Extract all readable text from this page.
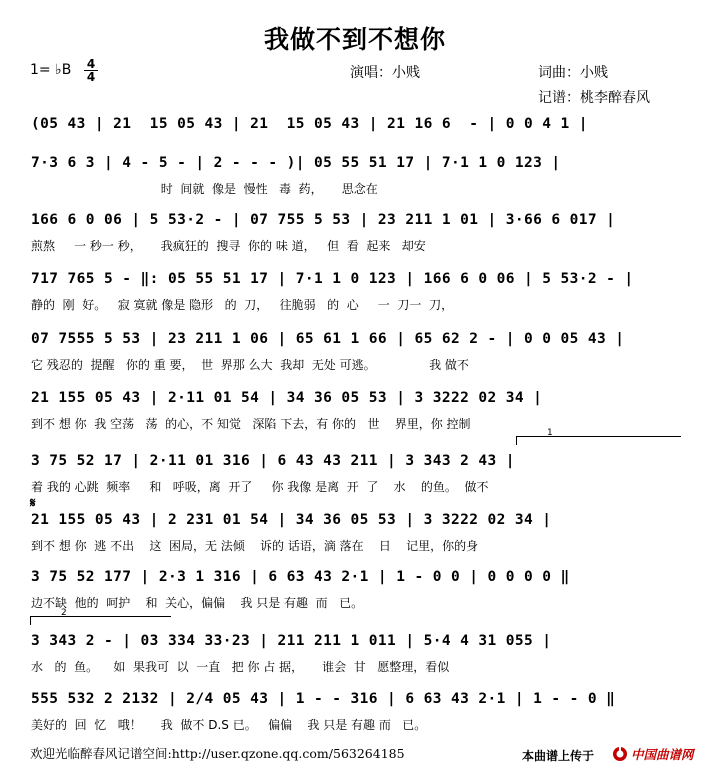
我做不到不想你
1= ♭B 4
4	演唱：小贱	词曲：小贱
记谱：桃李醉春风
(05 43 | 21  15 05 43 | 21  15 05 43 | 21 16 6  - | 0 0 4 1 |
7·3 6 3 | 4 - 5 - | 2 - - - )| 05 55 51 17 | 7·1 1 0 123 |
时  间就  像是  慢性   毒  药，     思念在
166 6 0 06 | 5 53·2 - | 07 755 5 53 | 23 211 1 01 | 3·66 6 017 |
煎熬     一 秒一 秒，     我疯狂的  搜寻  你的 味 道，   但  看  起来   却安
717 765 5 - ‖: 05 55 51 17 | 7·1 1 0 123 | 166 6 0 06 | 5 53·2 - |
静的  刚  好。   寂 寞就 像是 隐形   的  刀，   往脆弱   的  心     一  刀一  刀，
07 7555 5 53 | 23 211 1 06 | 65 61 1 66 | 65 62 2 - | 0 0 05 43 |
它 残忍的  提醒   你的 重 要，  世  界那 么大  我却  无处 可逃。              我 做不
21 155 05 43 | 2·11 01 54 | 34 36 05 53 | 3 3222 02 34 |
到不 想 你  我 空荡   荡  的心，不 知觉   深陷 下去，有 你的   世    界里，你 控制
1
3 75 52 17 | 2·11 01 316 | 6 43 43 211 | 3 343 2 43 |
着 我的 心跳  频率     和   呼吸，离  开了     你 我像 是离  开  了    水    的鱼。  做不
𝄋
21 155 05 43 | 2 231 01 54 | 34 36 05 53 | 3 3222 02 34 |
到不 想 你  逃 不出    这  困局，无 法倾    诉的 话语，滴 落在    日    记里，你的身
3 75 52 177 | 2·3 1 316 | 6 63 43 2·1 | 1 - 0 0 | 0 0 0 0 ‖
边不缺  他的  呵护    和  关心，偏偏    我 只是 有趣  而   已。
2
3 343 2 - | 03 334 33·23 | 211 211 1 011 | 5·4 4 31 055 |
水   的  鱼。    如  果我可  以  一直   把 你 占 据，     谁会  甘   愿整理，看似
555 532 2 2132 | 2/4 05 43 | 1 - - 316 | 6 63 43 2·1 | 1 - - 0 ‖
美好的  回  忆   哦！     我  做不 D.S 已。   偏偏    我 只是 有趣 而   已。
欢迎光临醉春风记谱空间:http://user.qzone.qq.com/563264185	本曲谱上传于	中国曲谱网
